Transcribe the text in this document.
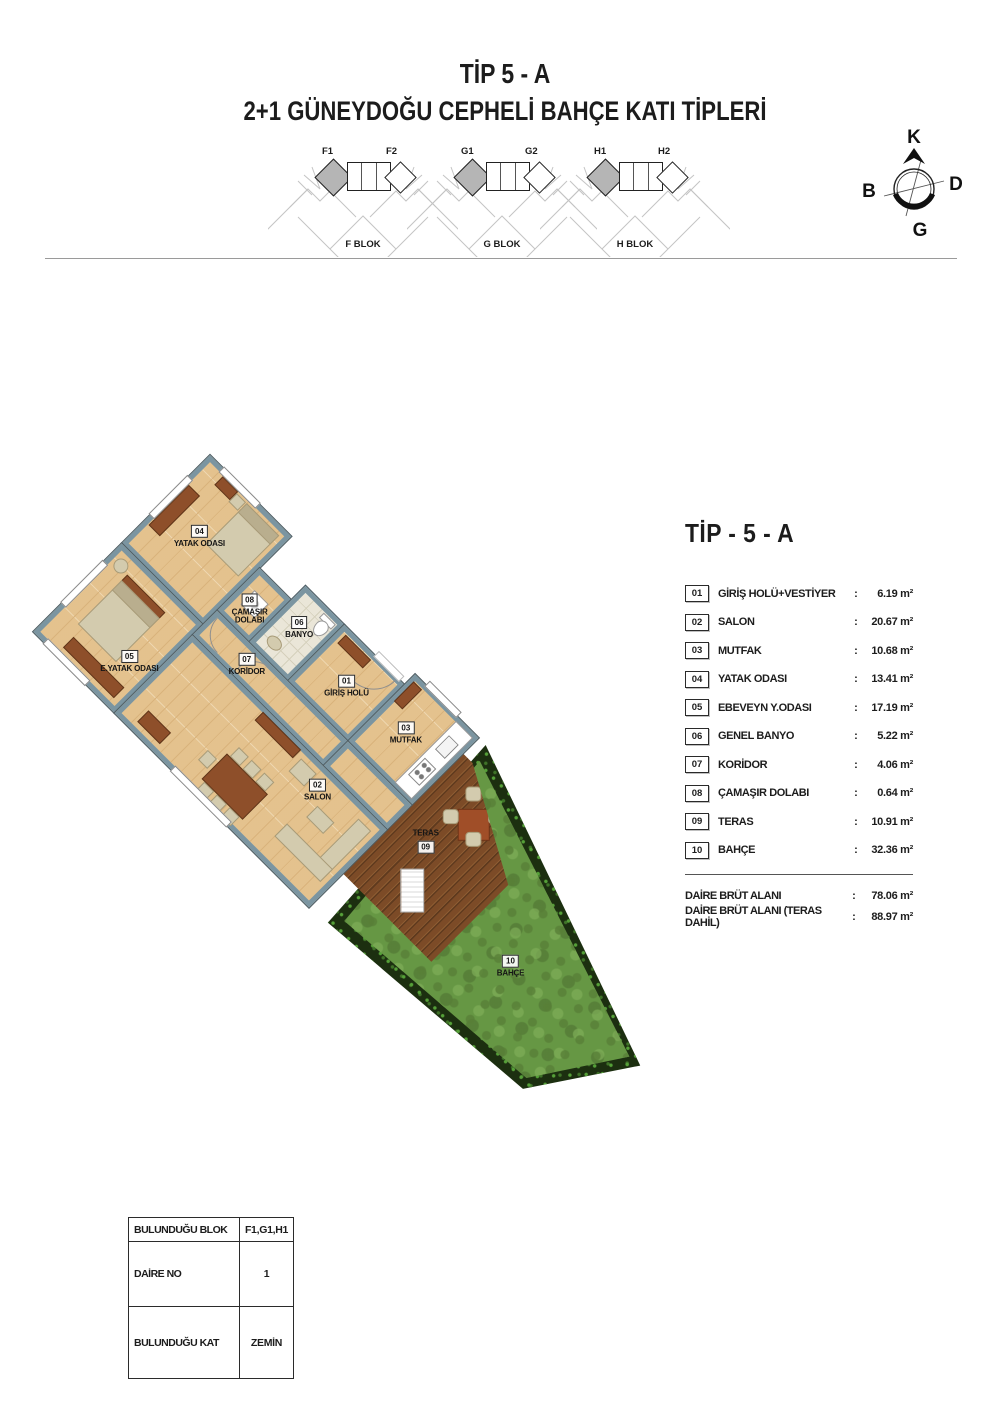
TİP 5 - A
2+1 GÜNEYDOĞU CEPHELİ BAHÇE KATI TİPLERİ
F1	F2
F BLOK
G1	G2
G BLOK
H1	H2
H BLOK
K
D
G
B
04
YATAK ODASI
05
E.YATAK ODASI
08
ÇAMAŞIR DOLABI	06
BANYO
01
GİRİŞ HOLÜ
03
MUTFAK
07
KORİDOR
02
SALON
TERAS
09
10
BAHÇE
TİP - 5 - A
01	GİRİŞ HOLÜ+VESTİYER	:	6.19 m²
02	SALON	:	20.67 m²
03	MUTFAK	:	10.68 m²
04	YATAK ODASI	:	13.41 m²
05	EBEVEYN Y.ODASI	:	17.19 m²
06	GENEL BANYO	:	5.22 m²
07	KORİDOR	:	4.06 m²
08	ÇAMAŞIR DOLABI	:	0.64 m²
09	TERAS	:	10.91 m²
10	BAHÇE	:	32.36 m²
DAİRE BRÜT ALANI	:	78.06 m²
DAİRE BRÜT ALANI (TERAS DAHİL)	:	88.97 m²
BULUNDUĞU BLOK	F1,G1,H1
DAİRE NO	1
BULUNDUĞU KAT	ZEMİN
